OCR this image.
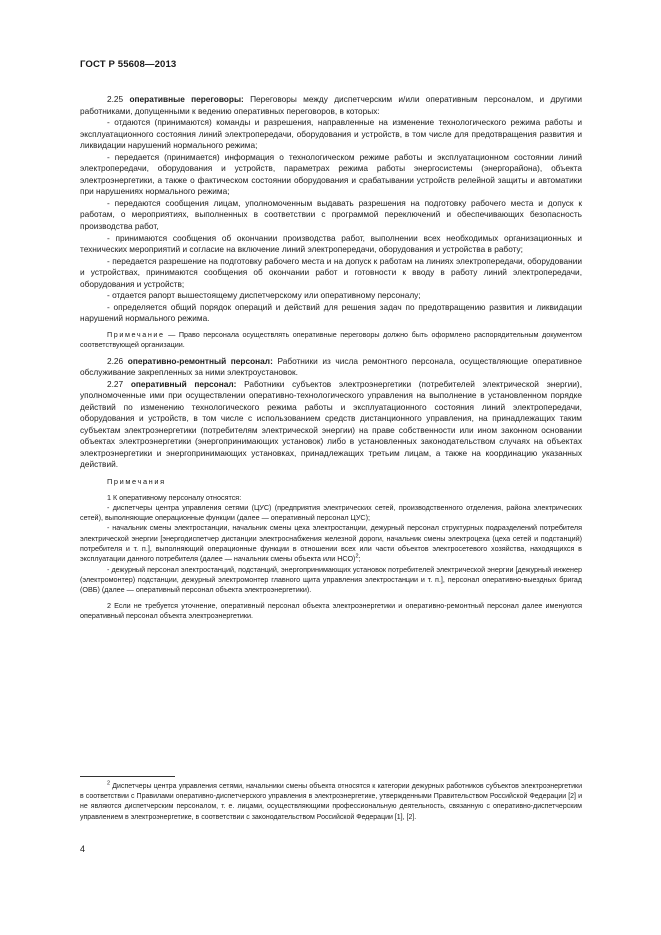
ГОСТ Р 55608—2013

2.25 оперативные переговоры: Переговоры между диспетчерским и/или оперативным персоналом, и другими работниками, допущенными к ведению оперативных переговоров, в которых:

- отдаются (принимаются) команды и разрешения, направленные на изменение технологического режима работы и эксплуатационного состояния линий электропередачи, оборудования и устройств, в том числе для предотвращения развития и ликвидации нарушений нормального режима;

- передается (принимается) информация о технологическом режиме работы и эксплуатационном состоянии линий электропередачи, оборудования и устройств, параметрах режима работы энергосистемы (энергорайона), объекта электроэнергетики, а также о фактическом состоянии оборудования и срабатывании устройств релейной защиты и автоматики при нарушениях нормального режима;

- передаются сообщения лицам, уполномоченным выдавать разрешения на подготовку рабочего места и допуск к работам, о мероприятиях, выполненных в соответствии с программой переключений и обеспечивающих безопасность производства работ,

- принимаются сообщения об окончании производства работ, выполнении всех необходимых организационных и технических мероприятий и согласие на включение линий электропередачи, оборудования и устройства в работу;

- передается разрешение на подготовку рабочего места и на допуск к работам на линиях электропередачи, оборудовании и устройствах, принимаются сообщения об окончании работ и готовности к вводу в работу линий электропередачи, оборудования и устройств;

- отдается рапорт вышестоящему диспетчерскому или оперативному персоналу;

- определяется общий порядок операций и действий для решения задач по предотвращению развития и ликвидации нарушений нормального режима.

Примечание — Право персонала осуществлять оперативные переговоры должно быть оформлено распорядительным документом соответствующей организации.

2.26 оперативно-ремонтный персонал: Работники из числа ремонтного персонала, осуществляющие оперативное обслуживание закрепленных за ними электроустановок.

2.27 оперативный персонал: Работники субъектов электроэнергетики (потребителей электрической энергии), уполномоченные ими при осуществлении оперативно-технологического управления на выполнение в установленном порядке действий по изменению технологического режима работы и эксплуатационного состояния линий электропередачи, оборудования и устройств, в том числе с использованием средств дистанционного управления, на принадлежащих таким субъектам электроэнергетики (потребителям электрической энергии) на праве собственности или ином законном основании объектах электроэнергетики (энергопринимающих установок) либо в установленных законодательством случаях на объектах электроэнергетики и энергопринимающих установках, принадлежащих третьим лицам, а также на координацию указанных действий.

Примечания

1 К оперативному персоналу относятся:

- диспетчеры центра управления сетями (ЦУС) (предприятия электрических сетей, производственного отделения, района электрических сетей), выполняющие операционные функции (далее — оперативный персонал ЦУС);

- начальник смены электростанции, начальник смены цеха электростанции, дежурный персонал структурных подразделений потребителя электрической энергии [энергодиспетчер дистанции электроснабжения железной дороги, начальник смены электроцеха (цеха сетей и подстанций) потребителя и т. п.], выполняющий операционные функции в отношении всех или части объектов электросетевого хозяйства, находящихся в эксплуатации данного потребителя (далее — начальник смены объекта или НСО)$^2$;

- дежурный персонал электростанций, подстанций, энергопринимающих установок потребителей электрической энергии [дежурный инженер (электромонтер) подстанции, дежурный электромонтер главного щита управления электростанции и т. п.], персонал оперативно-выездных бригад (ОВБ) (далее — оперативный персонал объекта электроэнергетики).

2 Если не требуется уточнение, оперативный персонал объекта электроэнергетики и оперативно-ремонтный персонал далее именуются оперативный персонал объекта электроэнергетики.

$^2$ Диспетчеры центра управления сетями, начальники смены объекта относятся к категории дежурных работников субъектов электроэнергетики в соответствии с Правилами оперативно-диспетчерского управления в электроэнергетике, утвержденными Правительством Российской Федерации [2] и не являются диспетчерским персоналом, т. е. лицами, осуществляющими профессиональную деятельность, связанную с оперативно-диспетчерским управлением в электроэнергетике, в соответствии с законодательством Российской Федерации [1], [2].
4
